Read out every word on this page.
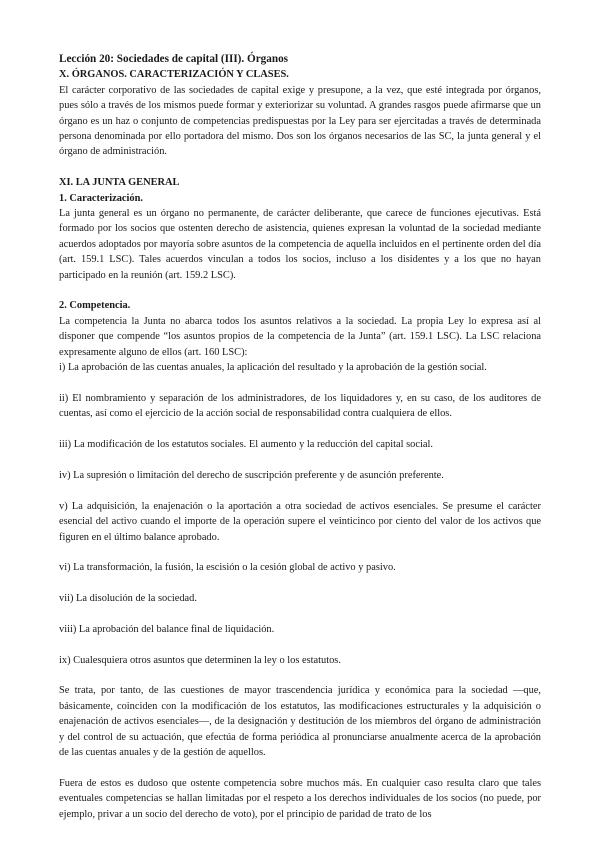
Lección 20: Sociedades de capital (III). Órganos

X. ÓRGANOS. CARACTERIZACIÓN Y CLASES.

El carácter corporativo de las sociedades de capital exige y presupone, a la vez, que esté integrada por órganos, pues sólo a través de los mismos puede formar y exteriorizar su voluntad. A grandes rasgos puede afirmarse que un órgano es un haz o conjunto de competencias predispuestas por la Ley para ser ejercitadas a través de determinada persona denominada por ello portadora del mismo. Dos son los órganos necesarios de las SC, la junta general y el órgano de administración.

XI. LA JUNTA GENERAL

1. Caracterización.

La junta general es un órgano no permanente, de carácter deliberante, que carece de funciones ejecutivas. Está formado por los socios que ostenten derecho de asistencia, quienes expresan la voluntad de la sociedad mediante acuerdos adoptados por mayoría sobre asuntos de la competencia de aquella incluidos en el pertinente orden del día (art. 159.1 LSC). Tales acuerdos vinculan a todos los socios, incluso a los disidentes y a los que no hayan participado en la reunión (art. 159.2 LSC).

2. Competencia.

La competencia la Junta no abarca todos los asuntos relativos a la sociedad. La propia Ley lo expresa así al disponer que compende “los asuntos propios de la competencia de la Junta” (art. 159.1 LSC). La LSC relaciona expresamente alguno de ellos (art. 160 LSC):

i) La aprobación de las cuentas anuales, la aplicación del resultado y la aprobación de la gestión social.

ii) El nombramiento y separación de los administradores, de los liquidadores y, en su caso, de los auditores de cuentas, así como el ejercicio de la acción social de responsabilidad contra cualquiera de ellos.

iii) La modificación de los estatutos sociales. El aumento y la reducción del capital social.

iv) La supresión o limitación del derecho de suscripción preferente y de asunción preferente.

v) La adquisición, la enajenación o la aportación a otra sociedad de activos esenciales. Se presume el carácter esencial del activo cuando el importe de la operación supere el veinticinco por ciento del valor de los activos que figuren en el último balance aprobado.

vi) La transformación, la fusión, la escisión o la cesión global de activo y pasivo.

vii) La disolución de la sociedad.

viii) La aprobación del balance final de liquidación.

ix) Cualesquiera otros asuntos que determinen la ley o los estatutos.

Se trata, por tanto, de las cuestiones de mayor trascendencia jurídica y económica para la sociedad —que, básicamente, coinciden con la modificación de los estatutos, las modificaciones estructurales y la adquisición o enajenación de activos esenciales—, de la designación y destitución de los miembros del órgano de administración y del control de su actuación, que efectúa de forma periódica al pronunciarse anualmente acerca de la aprobación de las cuentas anuales y de la gestión de aquellos.

Fuera de estos es dudoso que ostente competencia sobre muchos más. En cualquier caso resulta claro que tales eventuales competencias se hallan limitadas por el respeto a los derechos individuales de los socios (no puede, por ejemplo, privar a un socio del derecho de voto), por el principio de paridad de trato de los
